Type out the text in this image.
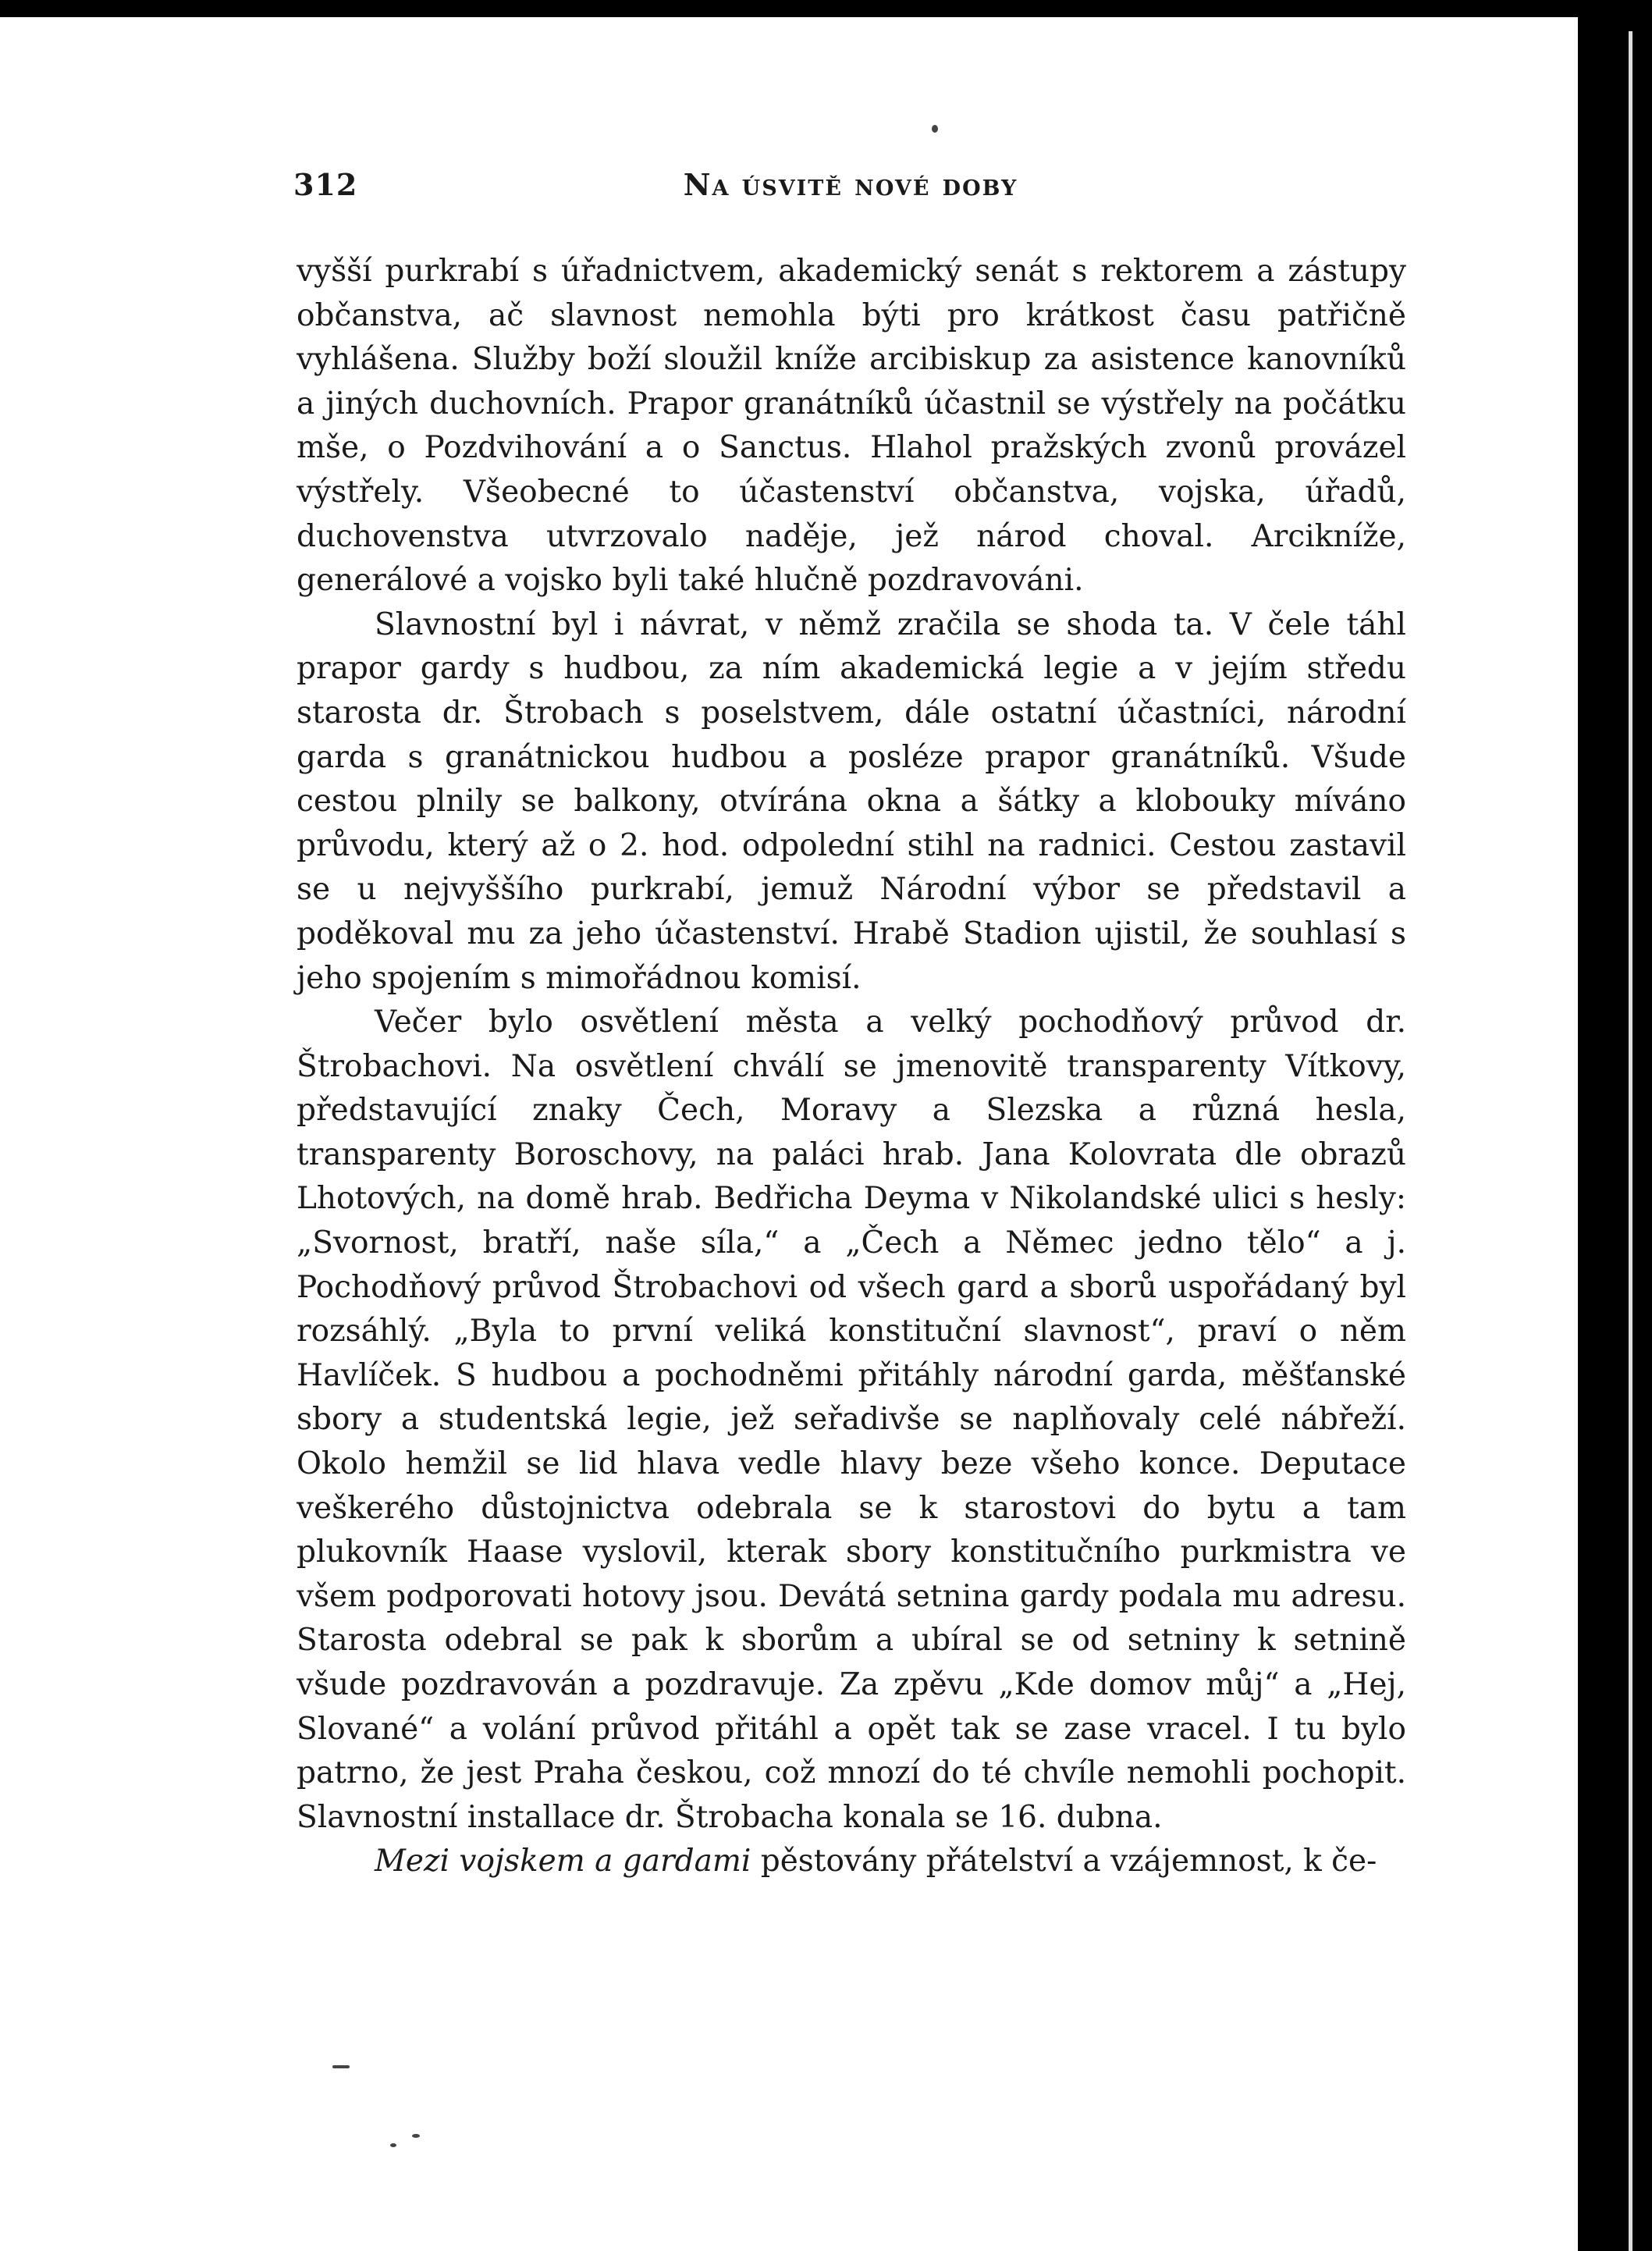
312	Na úsvitě nové doby

vyšší purkrabí s úřadnictvem, akademický senát s rektorem a zástupy občanstva, ač slavnost nemohla býti pro krátkost času patřičně vyhlášena. Služby boží sloužil kníže arcibiskup za asistence kanovníků a jiných duchovních. Prapor granátníků účastnil se výstřely na počátku mše, o Pozdvihování a o Sanctus. Hlahol pražských zvonů provázel výstřely. Všeobecné to účastenství občanstva, vojska, úřadů, duchovenstva utvrzovalo naděje, jež národ choval. Arcikníže, generálové a vojsko byli také hlučně pozdravováni.

Slavnostní byl i návrat, v němž zračila se shoda ta. V čele táhl prapor gardy s hudbou, za ním akademická legie a v jejím středu starosta dr. Štrobach s poselstvem, dále ostatní účastníci, národní garda s granátnickou hudbou a posléze prapor granátníků. Všude cestou plnily se balkony, otvírána okna a šátky a klobouky míváno průvodu, který až o 2. hod. odpolední stihl na radnici. Cestou zastavil se u nejvyššího purkrabí, jemuž Národní výbor se představil a poděkoval mu za jeho účastenství. Hrabě Stadion ujistil, že souhlasí s jeho spojením s mimořádnou komisí.

Večer bylo osvětlení města a velký pochodňový průvod dr. Štrobachovi. Na osvětlení chválí se jmenovitě transparenty Vítkovy, představující znaky Čech, Moravy a Slezska a různá hesla, transparenty Boroschovy, na paláci hrab. Jana Kolovrata dle obrazů Lhotových, na domě hrab. Bedřicha Deyma v Nikolandské ulici s hesly: „Svornost, bratří, naše síla,“ a „Čech a Němec jedno tělo“ a j. Pochodňový průvod Štrobachovi od všech gard a sborů uspořádaný byl rozsáhlý. „Byla to první veliká konstituční slavnost“, praví o něm Havlíček. S hudbou a pochodněmi přitáhly národní garda, měšťanské sbory a studentská legie, jež seřadivše se naplňovaly celé nábřeží. Okolo hemžil se lid hlava vedle hlavy beze všeho konce. Deputace veškerého důstojnictva odebrala se k starostovi do bytu a tam plukovník Haase vyslovil, kterak sbory konstitučního purkmistra ve všem podporovati hotovy jsou. Devátá setnina gardy podala mu adresu. Starosta odebral se pak k sborům a ubíral se od setniny k setnině všude pozdravován a pozdravuje. Za zpěvu „Kde domov můj“ a „Hej, Slované“ a volání průvod přitáhl a opět tak se zase vracel. I tu bylo patrno, že jest Praha českou, což mnozí do té chvíle nemohli pochopit. Slavnostní installace dr. Štrobacha konala se 16. dubna.

Mezi vojskem a gardami pěstovány přátelství a vzájemnost, k če-
